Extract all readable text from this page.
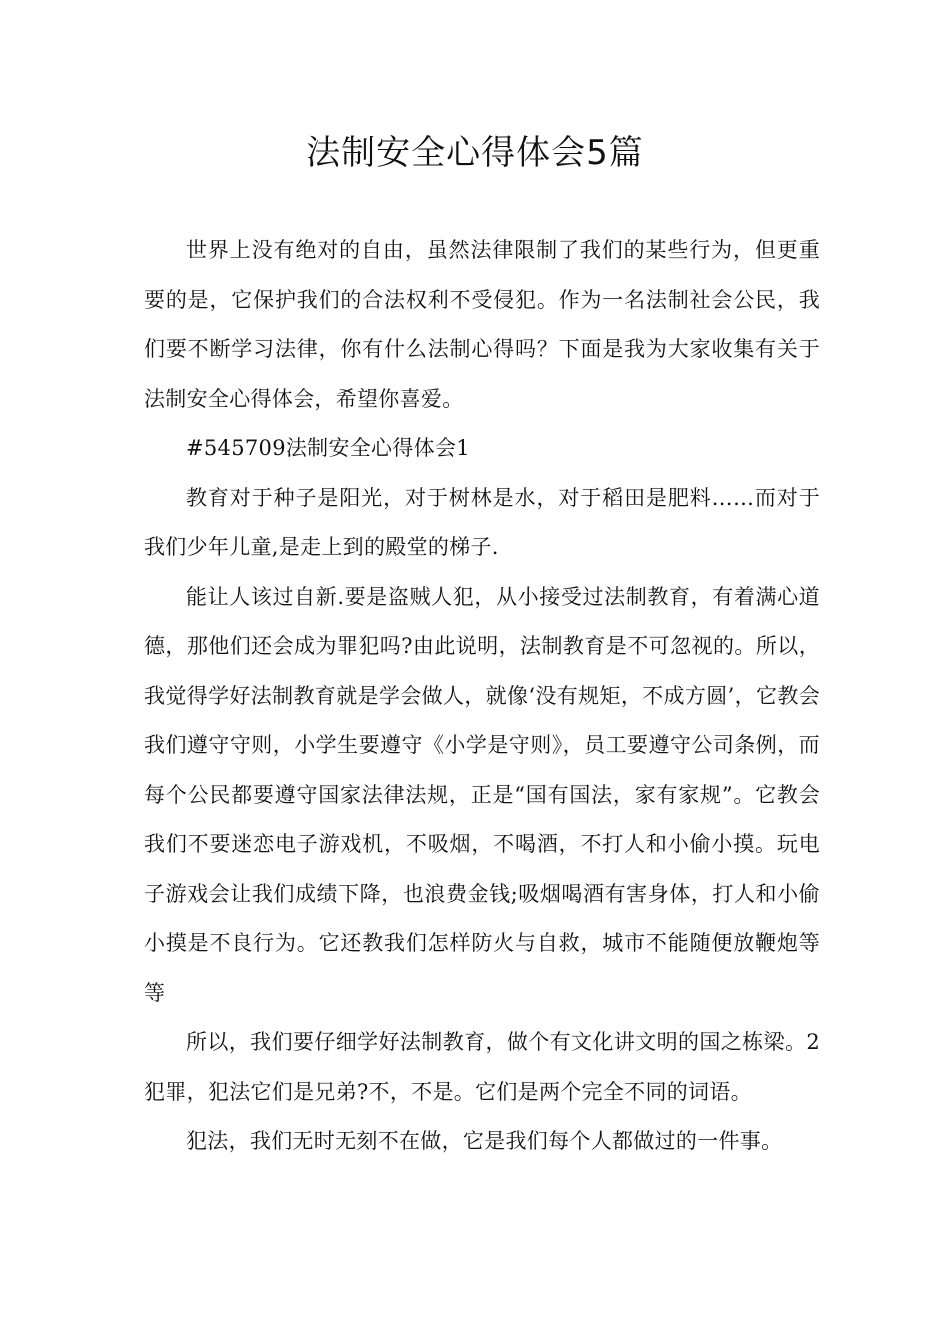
法制安全心得体会5篇

世界上没有绝对的自由，虽然法律限制了我们的某些行为，但更重要的是，它保护我们的合法权利不受侵犯。作为一名法制社会公民，我们要不断学习法律，你有什么法制心得吗？下面是我为大家收集有关于法制安全心得体会，希望你喜爱。

#545709法制安全心得体会1

教育对于种子是阳光，对于树林是水，对于稻田是肥料……而对于我们少年儿童,是走上到的殿堂的梯子.

能让人该过自新.要是盗贼人犯，从小接受过法制教育，有着满心道德，那他们还会成为罪犯吗?由此说明，法制教育是不可忽视的。所以，我觉得学好法制教育就是学会做人，就像‘没有规矩，不成方圆’，它教会我们遵守守则，小学生要遵守《小学是守则》，员工要遵守公司条例，而每个公民都要遵守国家法律法规，正是“国有国法，家有家规”。它教会我们不要迷恋电子游戏机，不吸烟，不喝酒，不打人和小偷小摸。玩电子游戏会让我们成绩下降，也浪费金钱;吸烟喝酒有害身体，打人和小偷小摸是不良行为。它还教我们怎样防火与自救，城市不能随便放鞭炮等等

所以，我们要仔细学好法制教育，做个有文化讲文明的国之栋梁。2犯罪，犯法它们是兄弟?不，不是。它们是两个完全不同的词语。

犯法，我们无时无刻不在做，它是我们每个人都做过的一件事。
